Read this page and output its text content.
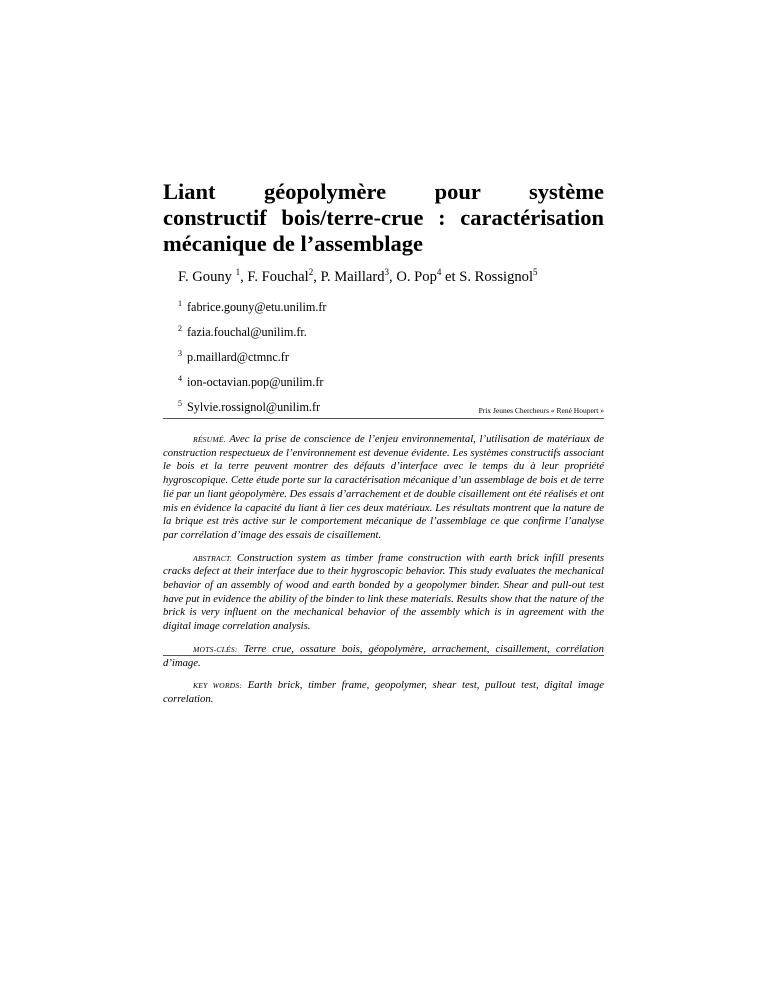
Liant géopolymère pour système
constructif bois/terre-crue : caractérisation
mécanique de l’assemblage

F. Gouny $^1$, F. Fouchal$^2$, P. Maillard$^3$, O. Pop$^4$ et S. Rossignol$^5$

$^1$ fabrice.gouny@etu.unilim.fr
$^2$ fazia.fouchal@unilim.fr.
$^3$ p.maillard@ctmnc.fr
$^4$ ion-octavian.pop@unilim.fr
$^5$ Sylvie.rossignol@unilim.fr	Prix Jeunes Chercheurs « René Houpert »

RÉSUMÉ. Avec la prise de conscience de l’enjeu environnemental, l’utilisation de matériaux de construction respectueux de l’environnement est devenue évidente. Les systèmes constructifs associant le bois et la terre peuvent montrer des défauts d’interface avec le temps du à leur propriété hygroscopique. Cette étude porte sur la caractérisation mécanique d’un assemblage de bois et de terre lié par un liant géopolymère. Des essais d’arrachement et de double cisaillement ont été réalisés et ont mis en évidence la capacité du liant à lier ces deux matériaux. Les résultats montrent que la nature de la brique est très active sur le comportement mécanique de l’assemblage ce que confirme l’analyse par corrélation d’image des essais de cisaillement.

ABSTRACT. Construction system as timber frame construction with earth brick infill presents cracks defect at their interface due to their hygroscopic behavior. This study evaluates the mechanical behavior of an assembly of wood and earth bonded by a geopolymer binder. Shear and pull-out test have put in evidence the ability of the binder to link these materials. Results show that the nature of the brick is very influent on the mechanical behavior of the assembly which is in agreement with the digital image correlation analysis.

MOTS-CLÉS: Terre crue, ossature bois, géopolymère, arrachement, cisaillement, corrélation d’image.

KEY WORDS: Earth brick, timber frame, geopolymer, shear test, pullout test, digital image correlation.
